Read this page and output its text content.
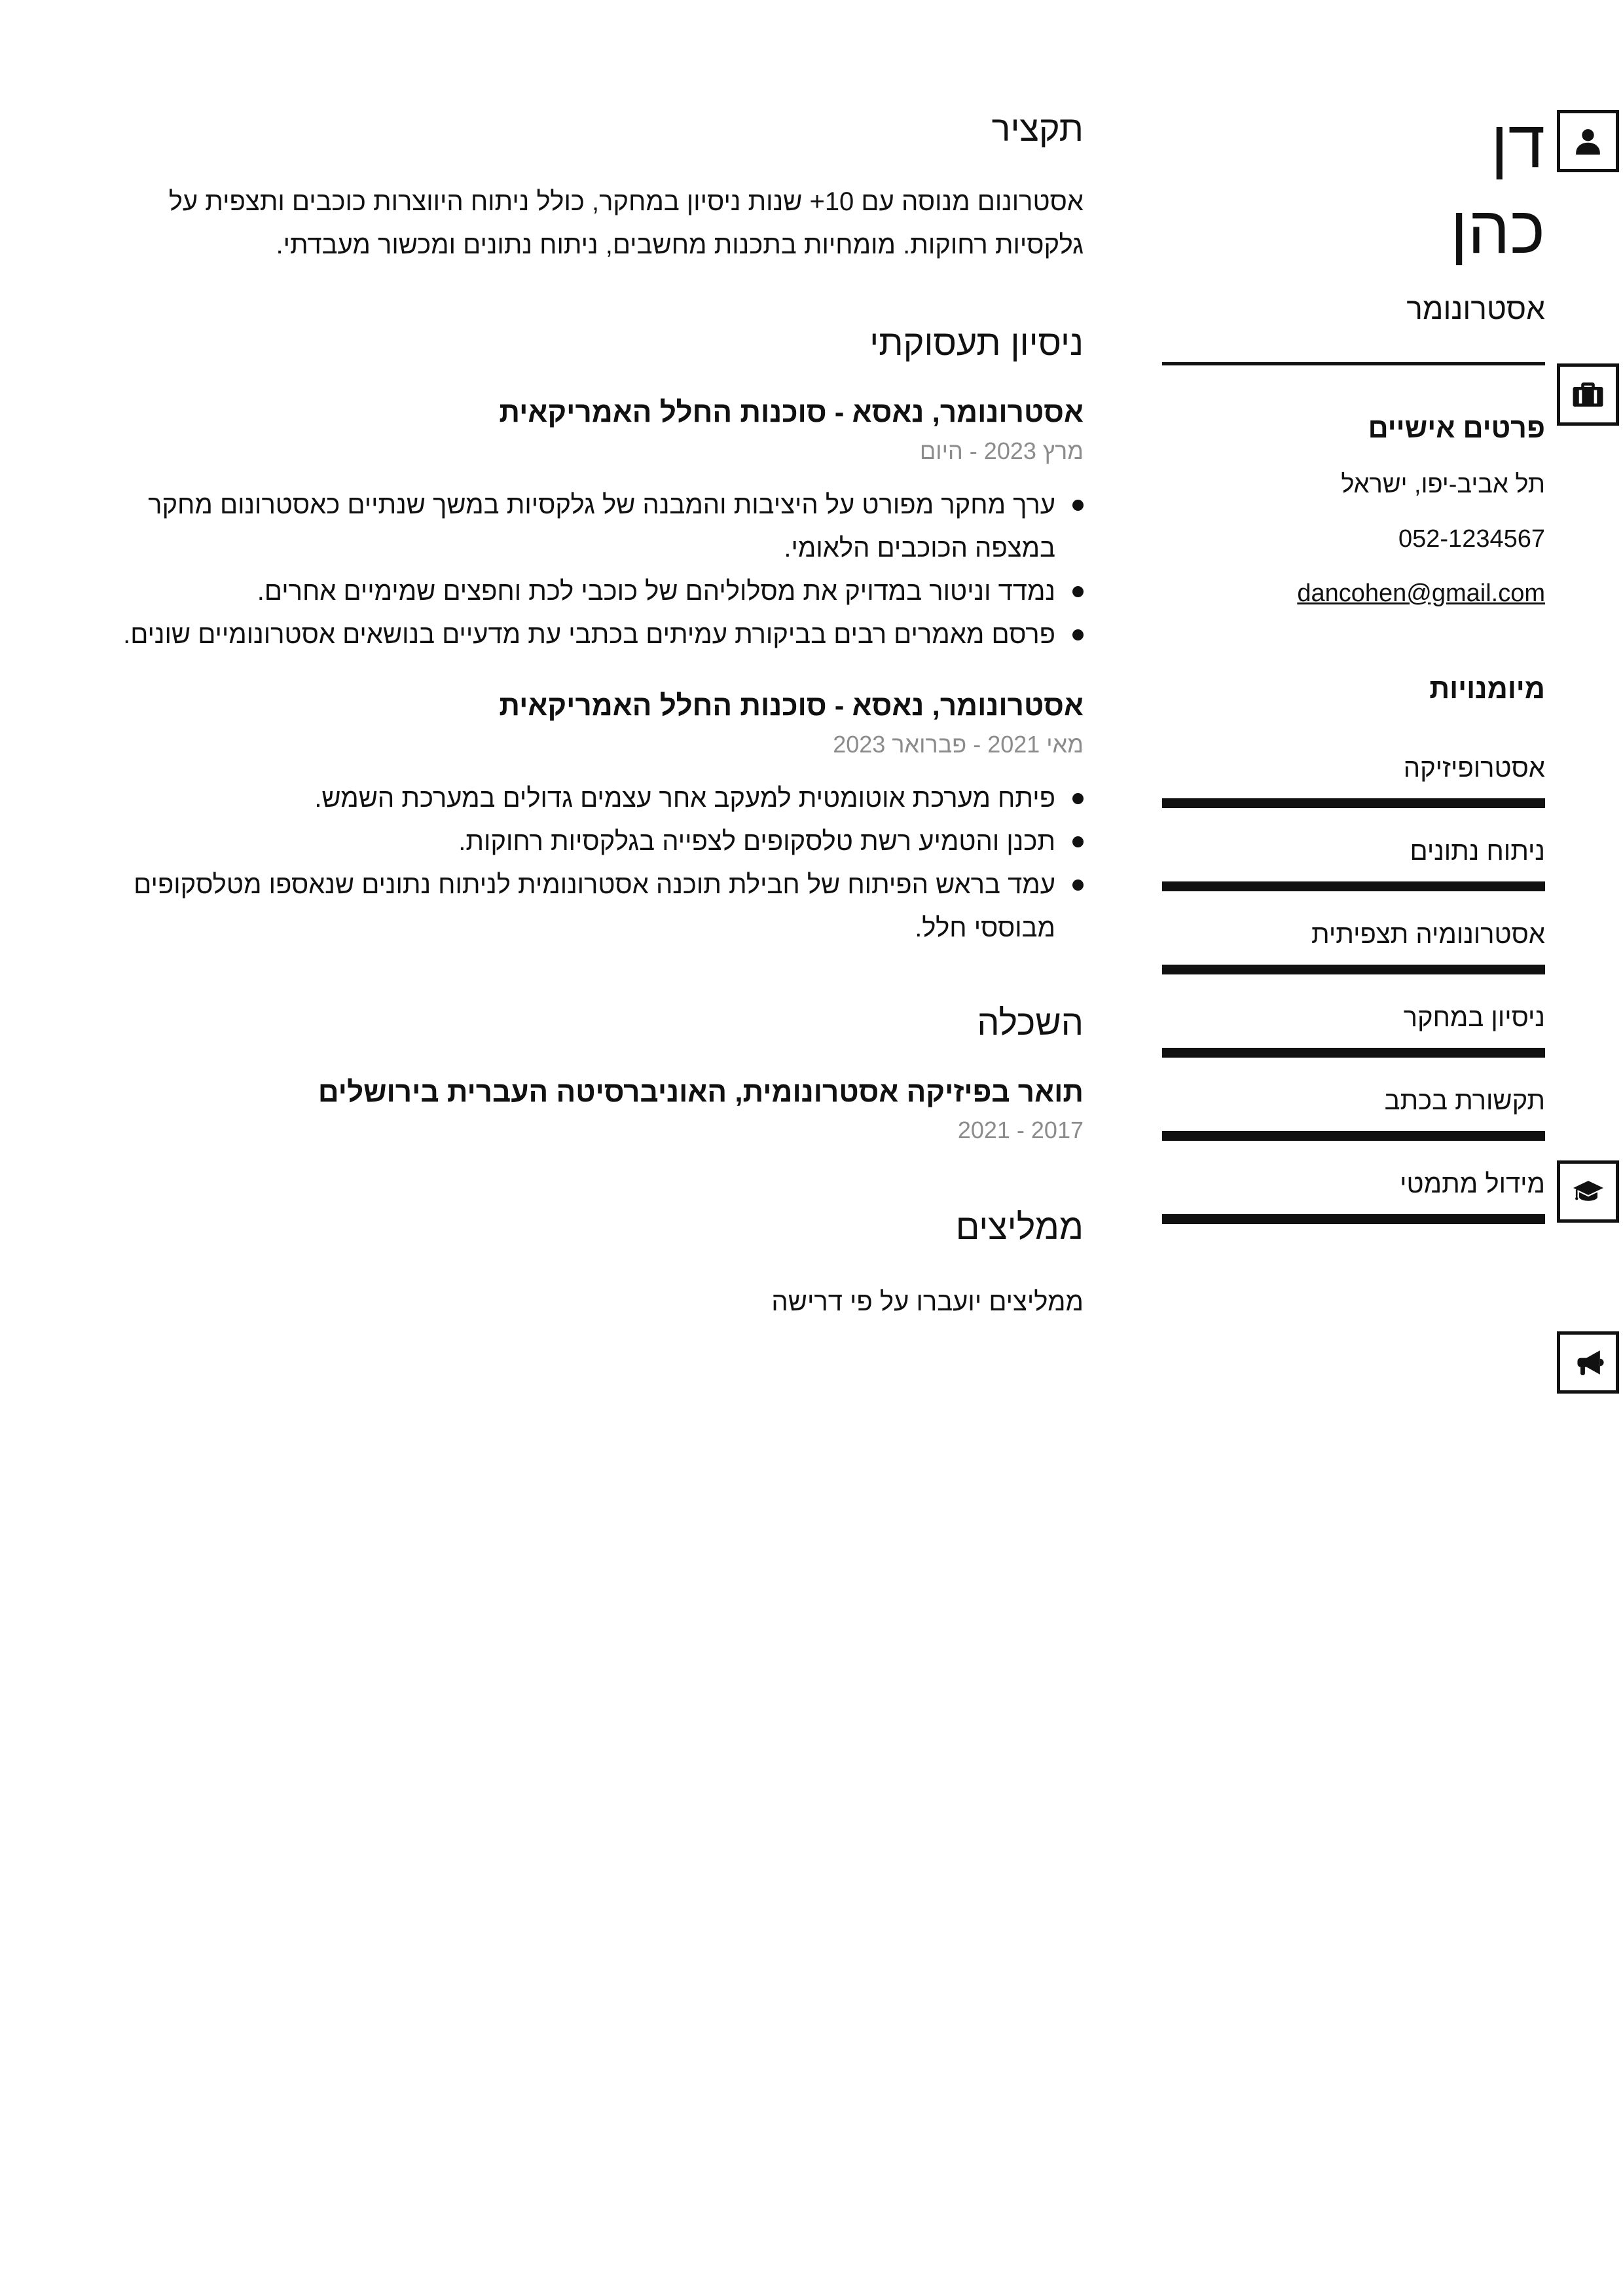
תקציר

אסטרונום מנוסה עם 10+ שנות ניסיון במחקר, כולל ניתוח היווצרות כוכבים ותצפית על גלקסיות רחוקות. מומחיות בתכנות מחשבים, ניתוח נתונים ומכשור מעבדתי.

ניסיון תעסוקתי
אסטרונומר, נאסא - סוכנות החלל האמריקאית
מרץ 2023 - היום
ערך מחקר מפורט על היציבות והמבנה של גלקסיות במשך שנתיים כאסטרונום מחקר במצפה הכוכבים הלאומי.
נמדד וניטור במדויק את מסלוליהם של כוכבי לכת וחפצים שמימיים אחרים.
פרסם מאמרים רבים בביקורת עמיתים בכתבי עת מדעיים בנושאים אסטרונומיים שונים.
אסטרונומר, נאסא - סוכנות החלל האמריקאית
מאי 2021 - פברואר 2023
פיתח מערכת אוטומטית למעקב אחר עצמים גדולים במערכת השמש.
תכנן והטמיע רשת טלסקופים לצפייה בגלקסיות רחוקות.
עמד בראש הפיתוח של חבילת תוכנה אסטרונומית לניתוח נתונים שנאספו מטלסקופים מבוססי חלל.
השכלה
תואר בפיזיקה אסטרונומית, האוניברסיטה העברית בירושלים
2017 - 2021
ממליצים

ממליצים יועברו על פי דרישה

דן
כהן
אסטרונומר
פרטים אישיים
תל אביב-יפו, ישראל
052-1234567
dancohen@gmail.com
מיומנויות
אסטרופיזיקה
ניתוח נתונים
אסטרונומיה תצפיתית
ניסיון במחקר
תקשורת בכתב
מידול מתמטי
